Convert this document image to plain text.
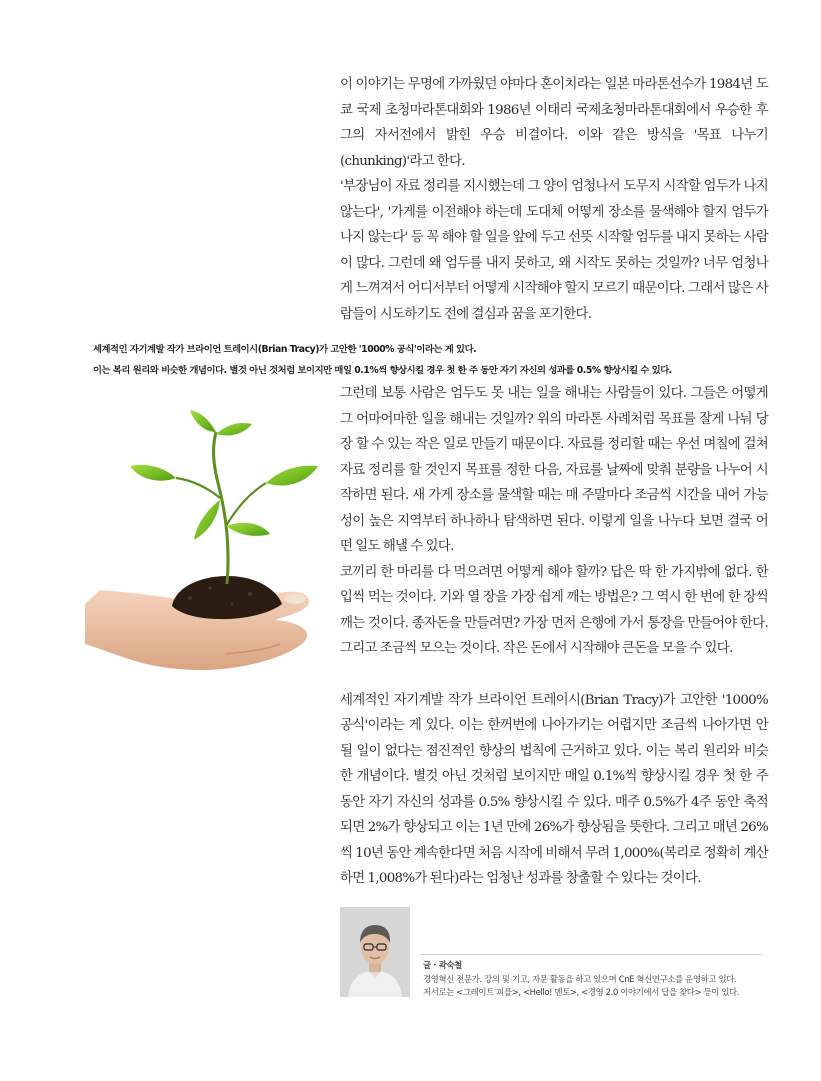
이 이야기는 무명에 가까웠던 야마다 혼이치라는 일본 마라톤선수가 1984년 도쿄 국제 초청마라톤대회와 1986년 이태리 국제초청마라톤대회에서 우승한 후 그의 자서전에서 밝힌 우승 비결이다. 이와 같은 방식을 '목표 나누기(chunking)'라고 한다.

'부장님이 자료 정리를 지시했는데 그 양이 엄청나서 도무지 시작할 엄두가 나지 않는다', '가게를 이전해야 하는데 도대체 어떻게 장소를 물색해야 할지 엄두가 나지 않는다' 등 꼭 해야 할 일을 앞에 두고 선뜻 시작할 엄두를 내지 못하는 사람이 많다. 그런데 왜 엄두를 내지 못하고, 왜 시작도 못하는 것일까? 너무 엄청나게 느껴져서 어디서부터 어떻게 시작해야 할지 모르기 때문이다. 그래서 많은 사람들이 시도하기도 전에 결심과 꿈을 포기한다.

세계적인 자기계발 작가 브라이언 트레이시(Brian Tracy)가 고안한 '1000% 공식'이라는 게 있다.
이는 복리 원리와 비슷한 개념이다. 별것 아닌 것처럼 보이지만 매일 0.1%씩 향상시킬 경우 첫 한 주 동안 자기 자신의 성과를 0.5% 향상시킬 수 있다.

그런데 보통 사람은 엄두도 못 내는 일을 해내는 사람들이 있다. 그들은 어떻게 그 어마어마한 일을 해내는 것일까? 위의 마라톤 사례처럼 목표를 잘게 나눠 당장 할 수 있는 작은 일로 만들기 때문이다. 자료를 정리할 때는 우선 며칠에 걸쳐 자료 정리를 할 것인지 목표를 정한 다음, 자료를 날짜에 맞춰 분량을 나누어 시작하면 된다. 새 가게 장소를 물색할 때는 매 주말마다 조금씩 시간을 내어 가능성이 높은 지역부터 하나하나 탐색하면 된다. 이렇게 일을 나누다 보면 결국 어떤 일도 해낼 수 있다.

코끼리 한 마리를 다 먹으려면 어떻게 해야 할까? 답은 딱 한 가지밖에 없다. 한 입씩 먹는 것이다. 기와 열 장을 가장 쉽게 깨는 방법은? 그 역시 한 번에 한 장씩 깨는 것이다. 종자돈을 만들려면? 가장 먼저 은행에 가서 통장을 만들어야 한다. 그리고 조금씩 모으는 것이다. 작은 돈에서 시작해야 큰돈을 모을 수 있다.

세계적인 자기계발 작가 브라이언 트레이시(Brian Tracy)가 고안한 '1000% 공식'이라는 게 있다. 이는 한꺼번에 나아가기는 어렵지만 조금씩 나아가면 안 될 일이 없다는 점진적인 향상의 법칙에 근거하고 있다. 이는 복리 원리와 비슷한 개념이다. 별것 아닌 것처럼 보이지만 매일 0.1%씩 향상시킬 경우 첫 한 주 동안 자기 자신의 성과를 0.5% 향상시킬 수 있다. 매주 0.5%가 4주 동안 축적되면 2%가 향상되고 이는 1년 만에 26%가 향상됨을 뜻한다. 그리고 매년 26%씩 10년 동안 계속한다면 처음 시작에 비해서 무려 1,000%(복리로 정확히 계산하면 1,008%가 된다)라는 엄청난 성과를 창출할 수 있다는 것이다.

글 · 곽숙철

경영혁신 전문가. 강의 및 기고, 자문 활동을 하고 있으며 CnE 혁신연구소를 운영하고 있다.

저서로는 <그레이트 피플>, <Hello! 멘토>, <경영 2.0 이야기에서 답을 찾다> 등이 있다.
